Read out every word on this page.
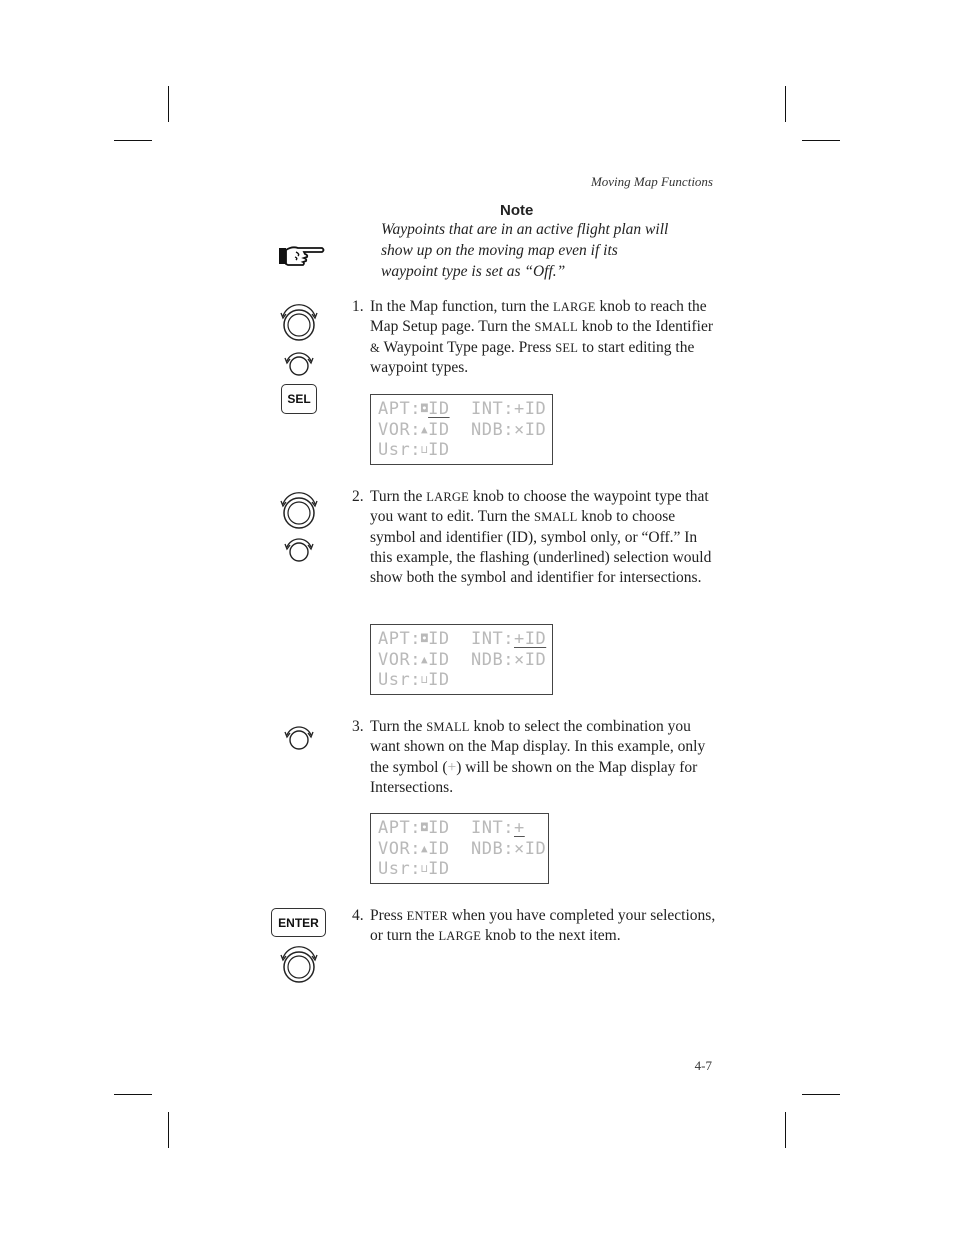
Moving Map Functions
Note
Waypoints that are in an active flight plan will show up on the moving map even if its waypoint type is set as “Off.”
SEL
1. In the Map function, turn the LARGE knob to reach the Map Setup page. Turn the SMALL knob to the Identifier & Waypoint Type page. Press SEL to start editing the waypoint types.
APT:◘ID INT:+ID
VOR:▲ID NDB:×ID
Usr:⊔ID
2. Turn the LARGE knob to choose the waypoint type that you want to edit. Turn the SMALL knob to choose symbol and identifier (ID), symbol only, or “Off.” In this example, the flashing (underlined) selection would show both the symbol and identifier for intersections.
APT:◘ID INT:+ID
VOR:▲ID NDB:×ID
Usr:⊔ID
3. Turn the SMALL knob to select the combination you want shown on the Map display. In this example, only the symbol (+) will be shown on the Map display for Intersections.
APT:◘ID INT:+
VOR:▲ID NDB:×ID
Usr:⊔ID
ENTER	4. Press ENTER when you have completed your selections, or turn the LARGE knob to the next item.
4-7
